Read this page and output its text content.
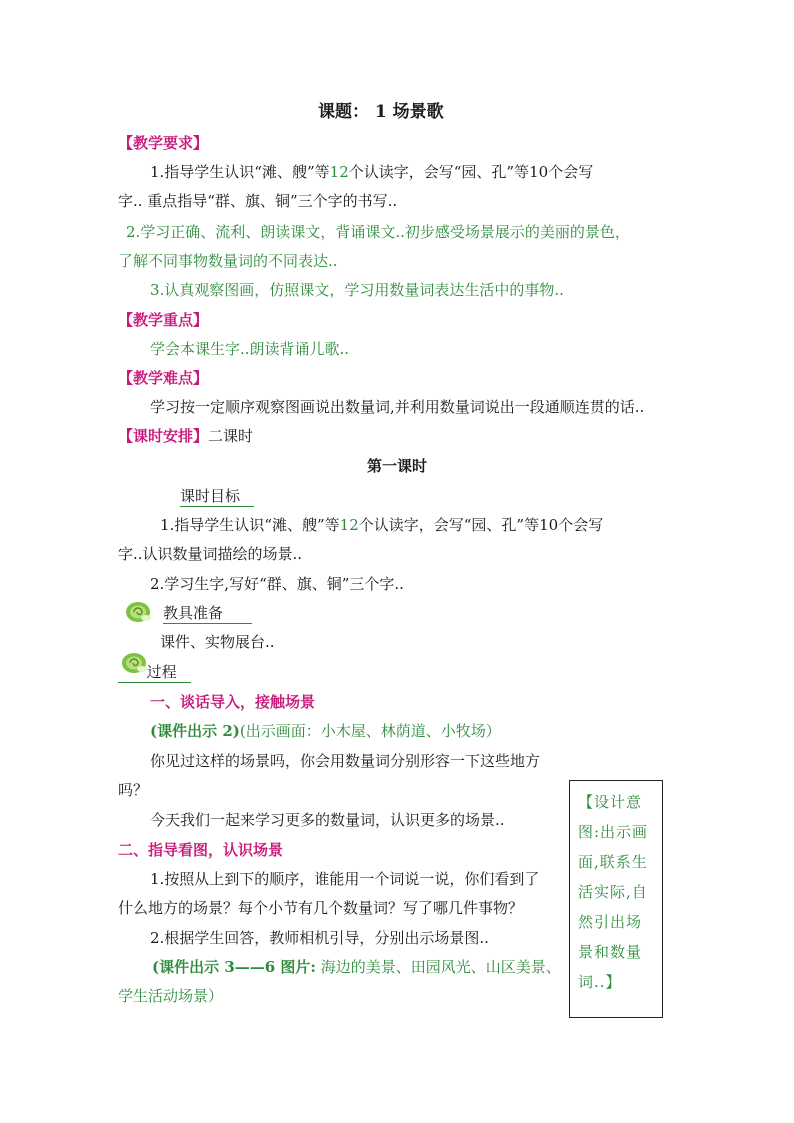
课题： 1 场景歌
【教学要求】
1.指导学生认识“滩、艘”等12个认读字，会写“园、孔”等10个会写
字.. 重点指导“群、旗、铜”三个字的书写..
2.学习正确、流利、朗读课文，背诵课文..初步感受场景展示的美丽的景色，
了解不同事物数量词的不同表达..
3.认真观察图画，仿照课文，学习用数量词表达生活中的事物..
【教学重点】
学会本课生字..朗读背诵儿歌..
【教学难点】
学习按一定顺序观察图画说出数量词,并利用数量词说出一段通顺连贯的话..
【课时安排】二课时
第一课时
课时目标
1.指导学生认识“滩、艘”等12个认读字，会写“园、孔”等10个会写
字..认识数量词描绘的场景..
2.学习生字,写好“群、旗、铜”三个字..
教具准备
课件、实物展台..
过程
一、谈话导入，接触场景
(课件出示 2)(出示画面：小木屋、林荫道、小牧场）
你见过这样的场景吗，你会用数量词分别形容一下这些地方
吗？
今天我们一起来学习更多的数量词，认识更多的场景..
二、指导看图，认识场景
1.按照从上到下的顺序，谁能用一个词说一说，你们看到了
什么地方的场景？每个小节有几个数量词？写了哪几件事物？
2.根据学生回答，教师相机引导，分别出示场景图..
(课件出示 3——6 图片: 海边的美景、田园风光、山区美景、
学生活动场景）
【设计意
图:出示画
面,联系生
活实际,自
然引出场
景和数量
词..】
